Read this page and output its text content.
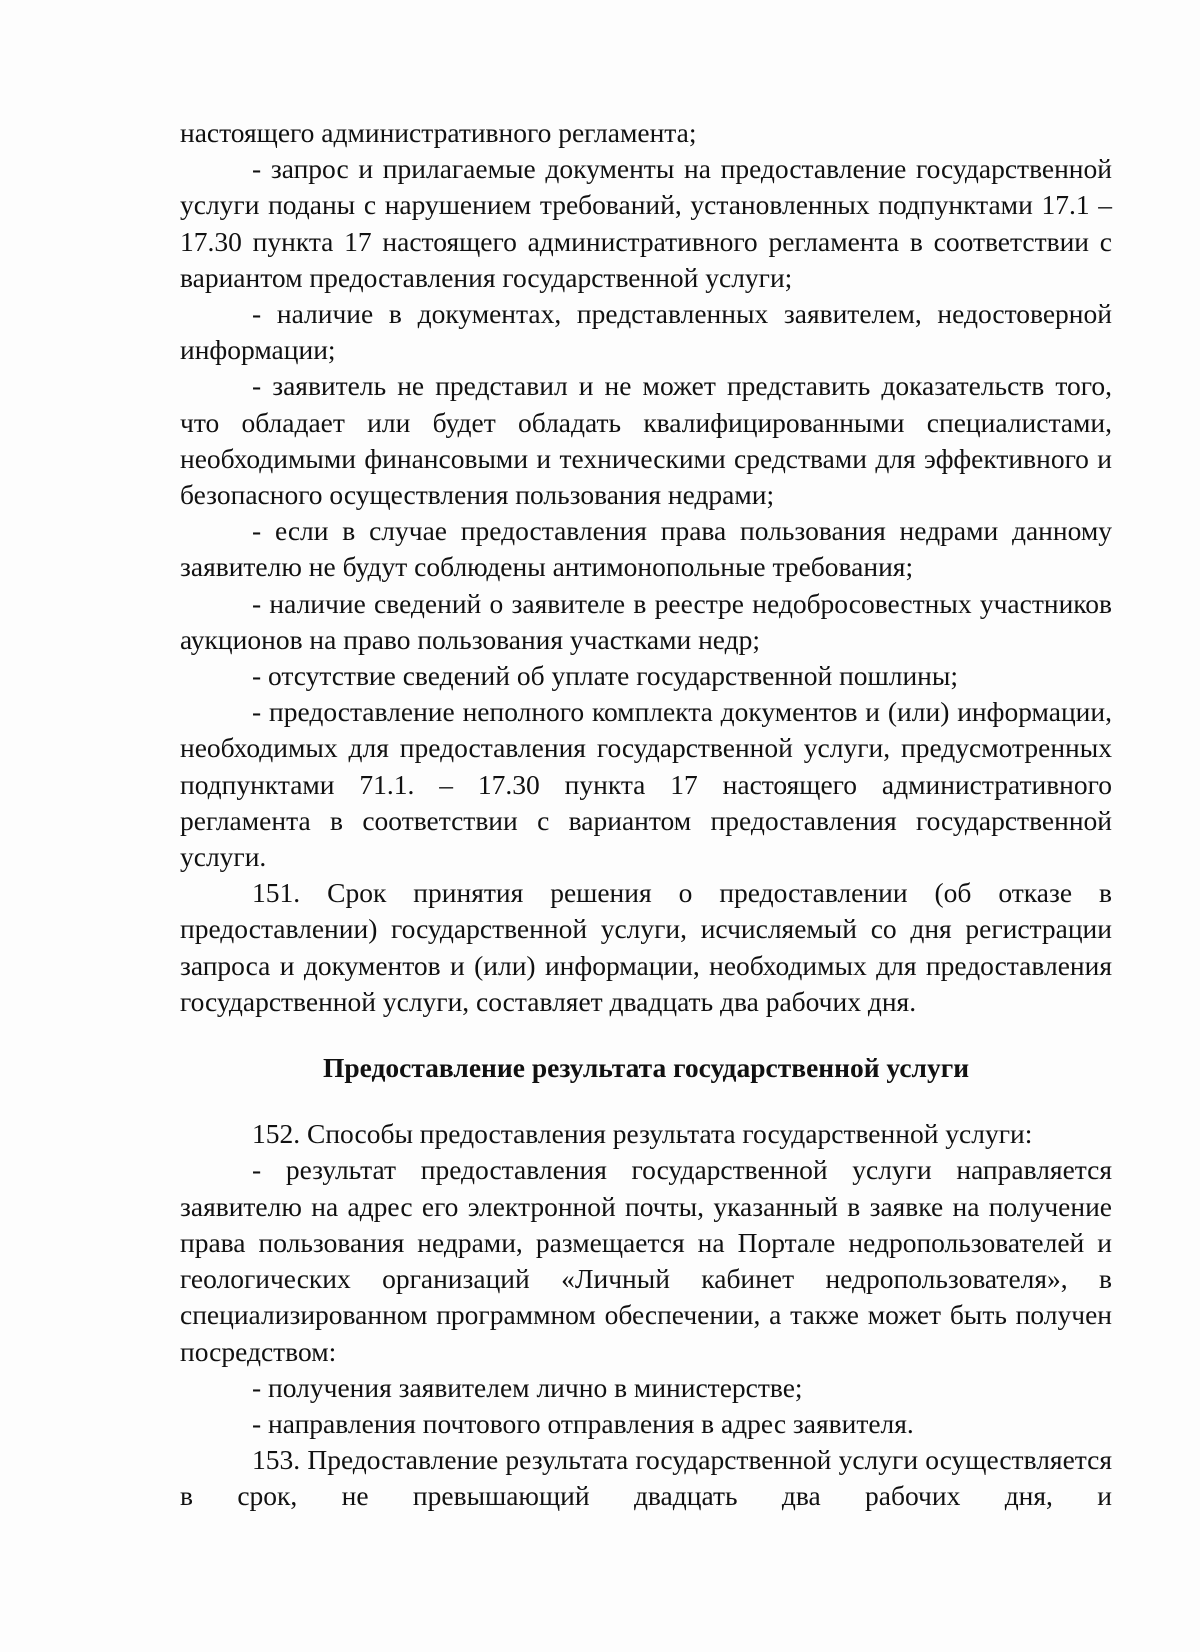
настоящего административного регламента;

- запрос и прилагаемые документы на предоставление государственной услуги поданы с нарушением требований, установленных подпунктами 17.1 – 17.30 пункта 17 настоящего административного регламента в соответствии с вариантом предоставления государственной услуги;

- наличие в документах, представленных заявителем, недостоверной информации;

- заявитель не представил и не может представить доказательств того, что обладает или будет обладать квалифицированными специалистами, необходимыми финансовыми и техническими средствами для эффективного и безопасного осуществления пользования недрами;

- если в случае предоставления права пользования недрами данному заявителю не будут соблюдены антимонопольные требования;

- наличие сведений о заявителе в реестре недобросовестных участников аукционов на право пользования участками недр;

- отсутствие сведений об уплате государственной пошлины;

- предоставление неполного комплекта документов и (или) информации, необходимых для предоставления государственной услуги, предусмотренных подпунктами 71.1. – 17.30 пункта 17 настоящего административного регламента в соответствии с вариантом предоставления государственной услуги.

151. Срок принятия решения о предоставлении (об отказе в предоставлении) государственной услуги, исчисляемый со дня регистрации запроса и документов и (или) информации, необходимых для предоставления государственной услуги, составляет двадцать два рабочих дня.

Предоставление результата государственной услуги

152. Способы предоставления результата государственной услуги:

- результат предоставления государственной услуги направляется заявителю на адрес его электронной почты, указанный в заявке на получение права пользования недрами, размещается на Портале недропользователей и геологических организаций «Личный кабинет недропользователя», в специализированном программном обеспечении, а также может быть получен посредством:

- получения заявителем лично в министерстве;

- направления почтового отправления в адрес заявителя.

153. Предоставление результата государственной услуги осуществляется в срок, не превышающий двадцать два рабочих дня, и
